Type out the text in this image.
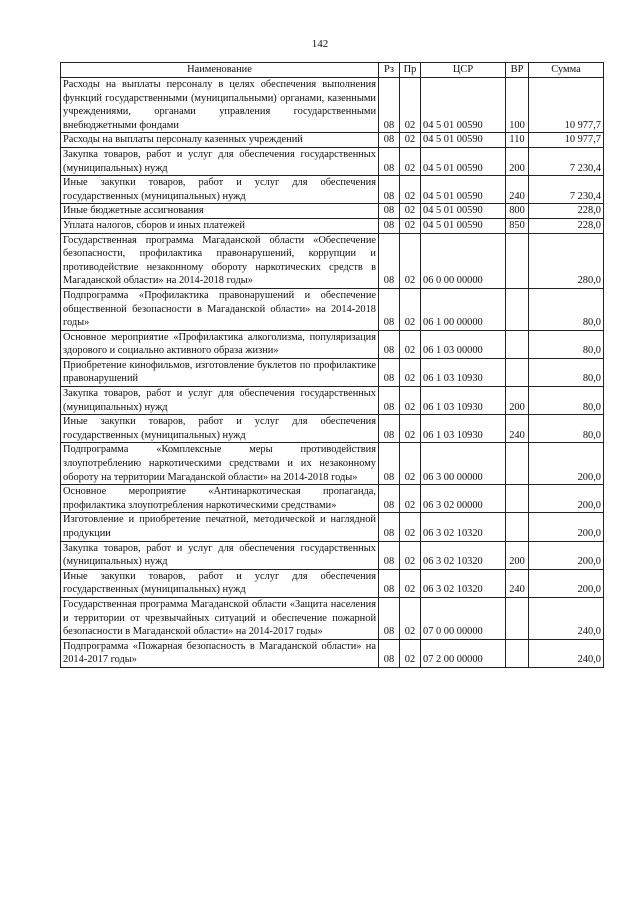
142
Наименование	Рз	Пр	ЦСР	ВР	Сумма
Расходы на выплаты персоналу в целях обеспечения выполнения функций государственными (муниципальными) органами, казенными учреждениями, органами управления государственными внебюджетными фондами	08	02	04 5 01 00590	100	10 977,7
Расходы на выплаты персоналу казенных учреждений	08	02	04 5 01 00590	110	10 977,7
Закупка товаров, работ и услуг для обеспечения государственных (муниципальных) нужд	08	02	04 5 01 00590	200	7 230,4
Иные закупки товаров, работ и услуг для обеспечения государственных (муниципальных) нужд	08	02	04 5 01 00590	240	7 230,4
Иные бюджетные ассигнования	08	02	04 5 01 00590	800	228,0
Уплата налогов, сборов и иных платежей	08	02	04 5 01 00590	850	228,0
Государственная программа Магаданской области «Обеспечение безопасности, профилактика правонарушений, коррупции и противодействие незаконному обороту наркотических средств в Магаданской области» на 2014-2018 годы»	08	02	06 0 00 00000		280,0
Подпрограмма «Профилактика правонарушений и обеспечение общественной безопасности в Магаданской области» на 2014-2018 годы»	08	02	06 1 00 00000		80,0
Основное мероприятие «Профилактика алкоголизма, популяризация здорового и социально активного образа жизни»	08	02	06 1 03 00000		80,0
Приобретение кинофильмов, изготовление буклетов по профилактике правонарушений	08	02	06 1 03 10930		80,0
Закупка товаров, работ и услуг для обеспечения государственных (муниципальных) нужд	08	02	06 1 03 10930	200	80,0
Иные закупки товаров, работ и услуг для обеспечения государственных (муниципальных) нужд	08	02	06 1 03 10930	240	80,0
Подпрограмма «Комплексные меры противодействия злоупотреблению наркотическими средствами и их незаконному обороту на территории Магаданской области» на 2014-2018 годы»	08	02	06 3 00 00000		200,0
Основное мероприятие «Антинаркотическая пропаганда, профилактика злоупотребления наркотическими средствами»	08	02	06 3 02 00000		200,0
Изготовление и приобретение печатной, методической и наглядной продукции	08	02	06 3 02 10320		200,0
Закупка товаров, работ и услуг для обеспечения государственных (муниципальных) нужд	08	02	06 3 02 10320	200	200,0
Иные закупки товаров, работ и услуг для обеспечения государственных (муниципальных) нужд	08	02	06 3 02 10320	240	200,0
Государственная программа Магаданской области «Защита населения и территории от чрезвычайных ситуаций и обеспечение пожарной безопасности в Магаданской области» на 2014-2017 годы»	08	02	07 0 00 00000		240,0
Подпрограмма «Пожарная безопасность в Магаданской области» на 2014-2017 годы»	08	02	07 2 00 00000		240,0
